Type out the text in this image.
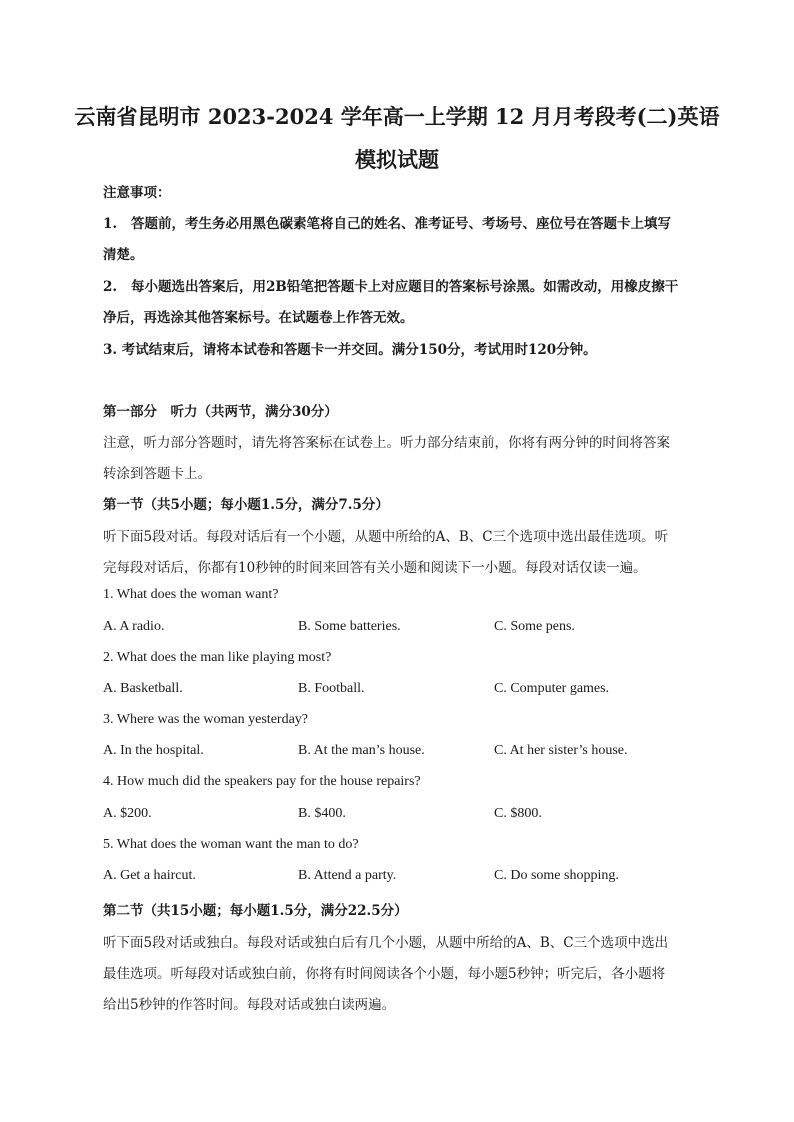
云南省昆明市 2023-2024 学年高一上学期 12 月月考段考(二)英语
模拟试题
注意事项：
1. 答题前，考生务必用黑色碳素笔将自己的姓名、准考证号、考场号、座位号在答题卡上填写
清楚。
2. 每小题选出答案后，用2B铅笔把答题卡上对应题目的答案标号涂黑。如需改动，用橡皮擦干
净后，再选涂其他答案标号。在试题卷上作答无效。
3. 考试结束后，请将本试卷和答题卡一并交回。满分150分，考试用时120分钟。
第一部分　听力（共两节，满分30分）
注意，听力部分答题时，请先将答案标在试卷上。听力部分结束前，你将有两分钟的时间将答案
转涂到答题卡上。
第一节（共5小题；每小题1.5分，满分7.5分）
听下面5段对话。每段对话后有一个小题，从题中所给的A、B、C三个选项中选出最佳选项。听
完每段对话后，你都有10秒钟的时间来回答有关小题和阅读下一小题。每段对话仅读一遍。
1. What does the woman want?
A. A radio.	B. Some batteries.	C. Some pens.
2. What does the man like playing most?
A. Basketball.	B. Football.	C. Computer games.
3. Where was the woman yesterday?
A. In the hospital.	B. At the man’s house.	C. At her sister’s house.
4. How much did the speakers pay for the house repairs?
A. $200.	B. $400.	C. $800.
5. What does the woman want the man to do?
A. Get a haircut.	B. Attend a party.	C. Do some shopping.
第二节（共15小题；每小题1.5分，满分22.5分）
听下面5段对话或独白。每段对话或独白后有几个小题，从题中所给的A、B、C三个选项中选出
最佳选项。听每段对话或独白前，你将有时间阅读各个小题，每小题5秒钟；听完后，各小题将
给出5秒钟的作答时间。每段对话或独白读两遍。
